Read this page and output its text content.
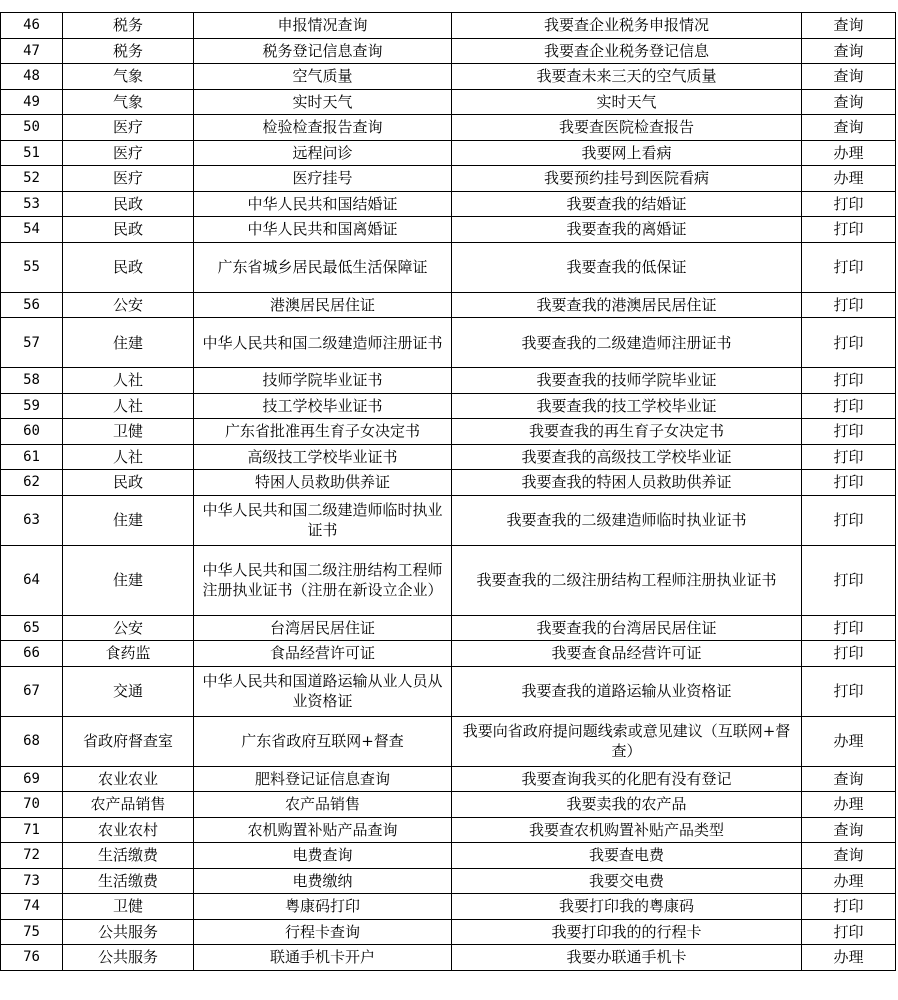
46	税务	申报情况查询	我要查企业税务申报情况	查询
47	税务	税务登记信息查询	我要查企业税务登记信息	查询
48	气象	空气质量	我要查未来三天的空气质量	查询
49	气象	实时天气	实时天气	查询
50	医疗	检验检查报告查询	我要查医院检查报告	查询
51	医疗	远程问诊	我要网上看病	办理
52	医疗	医疗挂号	我要预约挂号到医院看病	办理
53	民政	中华人民共和国结婚证	我要查我的结婚证	打印
54	民政	中华人民共和国离婚证	我要查我的离婚证	打印
55	民政	广东省城乡居民最低生活保障证	我要查我的低保证	打印
56	公安	港澳居民居住证	我要查我的港澳居民居住证	打印
57	住建	中华人民共和国二级建造师注册证书	我要查我的二级建造师注册证书	打印
58	人社	技师学院毕业证书	我要查我的技师学院毕业证	打印
59	人社	技工学校毕业证书	我要查我的技工学校毕业证	打印
60	卫健	广东省批准再生育子女决定书	我要查我的再生育子女决定书	打印
61	人社	高级技工学校毕业证书	我要查我的高级技工学校毕业证	打印
62	民政	特困人员救助供养证	我要查我的特困人员救助供养证	打印
63	住建	中华人民共和国二级建造师临时执业证书	我要查我的二级建造师临时执业证书	打印
64	住建	中华人民共和国二级注册结构工程师注册执业证书（注册在新设立企业）	我要查我的二级注册结构工程师注册执业证书	打印
65	公安	台湾居民居住证	我要查我的台湾居民居住证	打印
66	食药监	食品经营许可证	我要查食品经营许可证	打印
67	交通	中华人民共和国道路运输从业人员从业资格证	我要查我的道路运输从业资格证	打印
68	省政府督查室	广东省政府互联网+督查	我要向省政府提问题线索或意见建议（互联网+督查）	办理
69	农业农业	肥料登记证信息查询	我要查询我买的化肥有没有登记	查询
70	农产品销售	农产品销售	我要卖我的农产品	办理
71	农业农村	农机购置补贴产品查询	我要查农机购置补贴产品类型	查询
72	生活缴费	电费查询	我要查电费	查询
73	生活缴费	电费缴纳	我要交电费	办理
74	卫健	粤康码打印	我要打印我的粤康码	打印
75	公共服务	行程卡查询	我要打印我的的行程卡	打印
76	公共服务	联通手机卡开户	我要办联通手机卡	办理
